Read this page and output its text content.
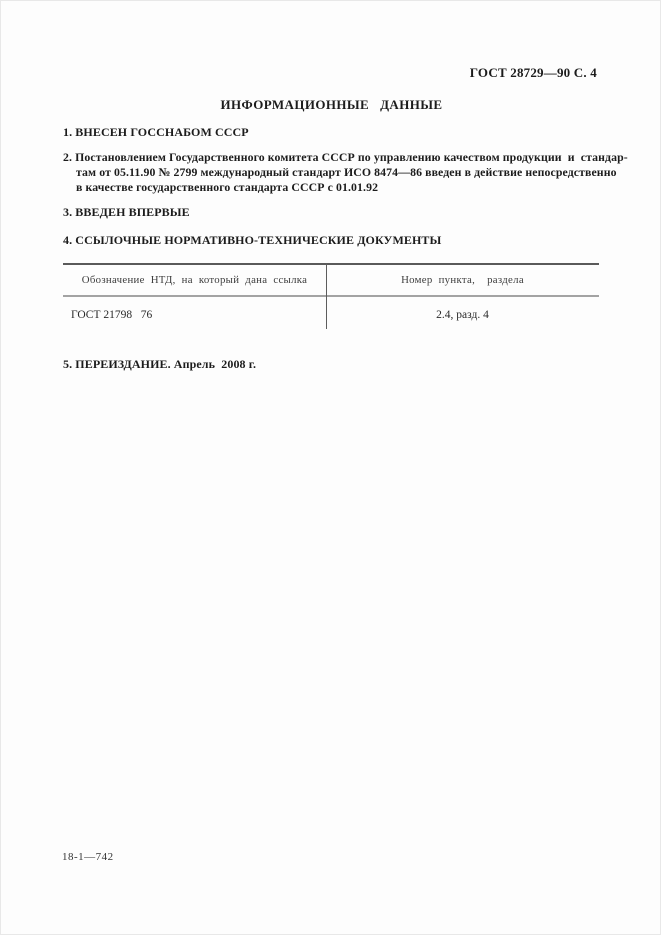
ГОСТ 28729—90 С. 4
ИНФОРМАЦИОННЫЕ   ДАННЫЕ
1. ВНЕСЕН ГОССНАБОМ СССР
2. Постановлением Государственного комитета СССР по управлению качеством продукции  и  стандар-
там от 05.11.90 № 2799 международный стандарт ИСО 8474—86 введен в действие непосредственно
в качестве государственного стандарта СССР с 01.01.92
3. ВВЕДЕН ВПЕРВЫЕ
4. ССЫЛОЧНЫЕ НОРМАТИВНО-ТЕХНИЧЕСКИЕ ДОКУМЕНТЫ
Обозначение НТД, на который дана ссылка	Номер пункта,  раздела
ГОСТ 21798   76	2.4, разд. 4
5. ПЕРЕИЗДАНИЕ. Апрель  2008 г.
18-1—742
